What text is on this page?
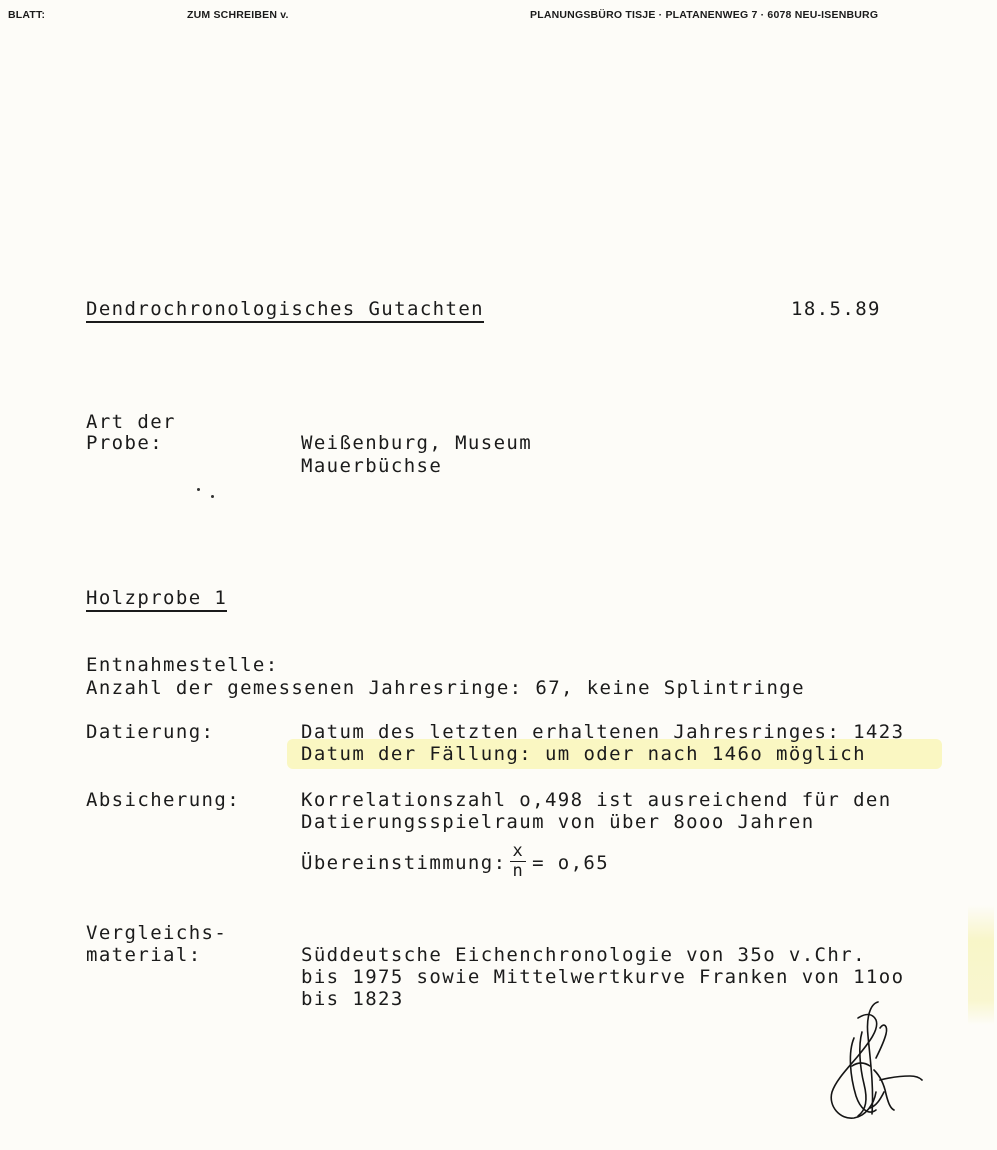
BLATT:	ZUM SCHREIBEN v.	PLANUNGSBÜRO TISJE · PLATANENWEG 7 · 6078 NEU-ISENBURG

Dendrochronologisches Gutachten	18.5.89

Art der

Probe:	Weißenburg, Museum

Mauerbüchse

Holzprobe 1

Entnahmestelle:

Anzahl der gemessenen Jahresringe: 67, keine Splintringe

Datierung:	Datum des letzten erhaltenen Jahresringes: 1423

Datum der Fällung: um oder nach 146o möglich

Absicherung:	Korrelationszahl o,498 ist ausreichend für den

Datierungsspielraum von über 8ooo Jahren

Übereinstimmung: $\frac{x}{n} = o,65$

Vergleichs-

material:	Süddeutsche Eichenchronologie von 35o v.Chr.

bis 1975 sowie Mittelwertkurve Franken von 11oo

bis 1823
